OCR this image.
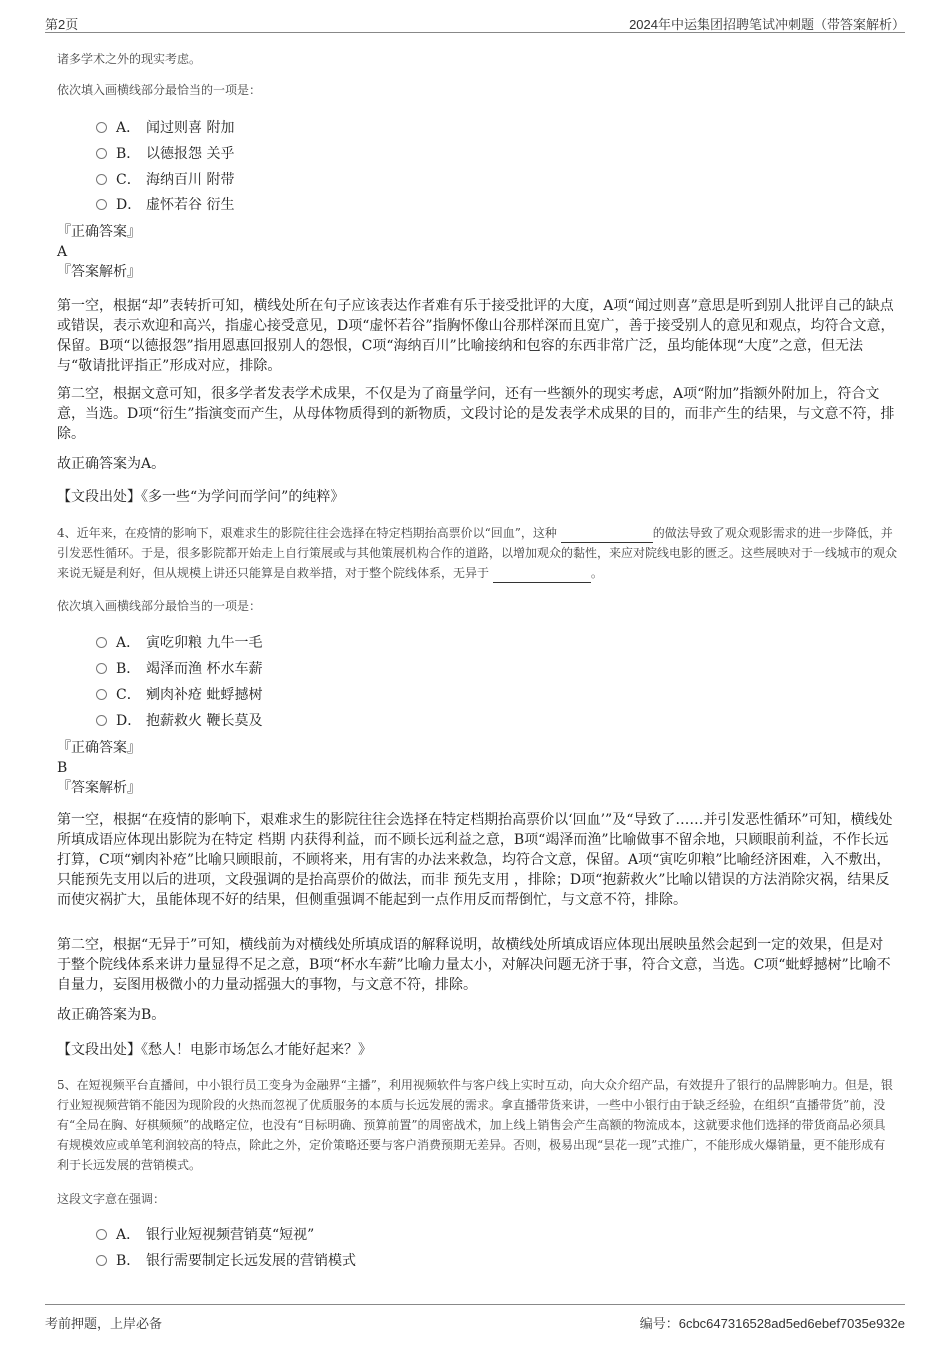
第2页	2024年中运集团招聘笔试冲刺题（带答案解析）

诸多学术之外的现实考虑。

依次填入画横线部分最恰当的一项是：

A． 闻过则喜 附加
B． 以德报怨 关乎
C． 海纳百川 附带
D． 虚怀若谷 衍生

『正确答案』

A

『答案解析』

第一空，根据“却”表转折可知，横线处所在句子应该表达作者难有乐于接受批评的大度，A项“闻过则喜”意思是听到别人批评自己的缺点或错误，表示欢迎和高兴，指虚心接受意见，D项“虚怀若谷”指胸怀像山谷那样深而且宽广，善于接受别人的意见和观点，均符合文意，保留。B项“以德报怨”指用恩惠回报别人的怨恨，C项“海纳百川”比喻接纳和包容的东西非常广泛，虽均能体现“大度”之意，但无法与“敬请批评指正”形成对应，排除。

第二空，根据文意可知，很多学者发表学术成果，不仅是为了商量学问，还有一些额外的现实考虑，A项“附加”指额外附加上，符合文意，当选。D项“衍生”指演变而产生，从母体物质得到的新物质，文段讨论的是发表学术成果的目的，而非产生的结果，与文意不符，排除。

故正确答案为A。

【文段出处】《多一些“为学问而学问”的纯粹》

4、近年来，在疫情的影响下，艰难求生的影院往往会选择在特定档期抬高票价以“回血”，这种	的做法导致了观众观影需求的进一步降低，并引发恶性循环。于是，很多影院都开始走上自行策展或与其他策展机构合作的道路，以增加观众的黏性，来应对院线电影的匮乏。这些展映对于一线城市的观众来说无疑是利好，但从规模上讲还只能算是自救举措，对于整个院线体系，无异于	。

依次填入画横线部分最恰当的一项是：

A． 寅吃卯粮 九牛一毛
B． 竭泽而渔 杯水车薪
C． 剜肉补疮 蚍蜉撼树
D． 抱薪救火 鞭长莫及

『正确答案』

B

『答案解析』

第一空，根据“在疫情的影响下，艰难求生的影院往往会选择在特定档期抬高票价以‘回血’”及“导致了……并引发恶性循环”可知，横线处所填成语应体现出影院为在特定 档期 内获得利益，而不顾长远利益之意，B项“竭泽而渔”比喻做事不留余地，只顾眼前利益，不作长远打算，C项“剜肉补疮”比喻只顾眼前，不顾将来，用有害的办法来救急，均符合文意，保留。A项“寅吃卯粮”比喻经济困难，入不敷出，只能预先支用以后的进项，文段强调的是抬高票价的做法，而非 预先支用 ，排除；D项“抱薪救火”比喻以错误的方法消除灾祸，结果反而使灾祸扩大，虽能体现不好的结果，但侧重强调不能起到一点作用反而帮倒忙，与文意不符，排除。

第二空，根据“无异于”可知，横线前为对横线处所填成语的解释说明，故横线处所填成语应体现出展映虽然会起到一定的效果，但是对于整个院线体系来讲力量显得不足之意，B项“杯水车薪”比喻力量太小，对解决问题无济于事，符合文意，当选。C项“蚍蜉撼树”比喻不自量力，妄图用极微小的力量动摇强大的事物，与文意不符，排除。

故正确答案为B。

【文段出处】《愁人！电影市场怎么才能好起来？》

5、在短视频平台直播间，中小银行员工变身为金融界“主播”，利用视频软件与客户线上实时互动，向大众介绍产品，有效提升了银行的品牌影响力。但是，银行业短视频营销不能因为现阶段的火热而忽视了优质服务的本质与长远发展的需求。拿直播带货来讲，一些中小银行由于缺乏经验，在组织“直播带货”前，没有“全局在胸、好棋频频”的战略定位，也没有“目标明确、预算前置”的周密战术，加上线上销售会产生高额的物流成本，这就要求他们选择的带货商品必须具有规模效应或单笔利润较高的特点，除此之外，定价策略还要与客户消费预期无差异。否则，极易出现“昙花一现”式推广，不能形成火爆销量，更不能形成有利于长远发展的营销模式。

这段文字意在强调：

A． 银行业短视频营销莫“短视”
B． 银行需要制定长远发展的营销模式
考前押题，上岸必备	编号：6cbc647316528ad5ed6ebef7035e932e
